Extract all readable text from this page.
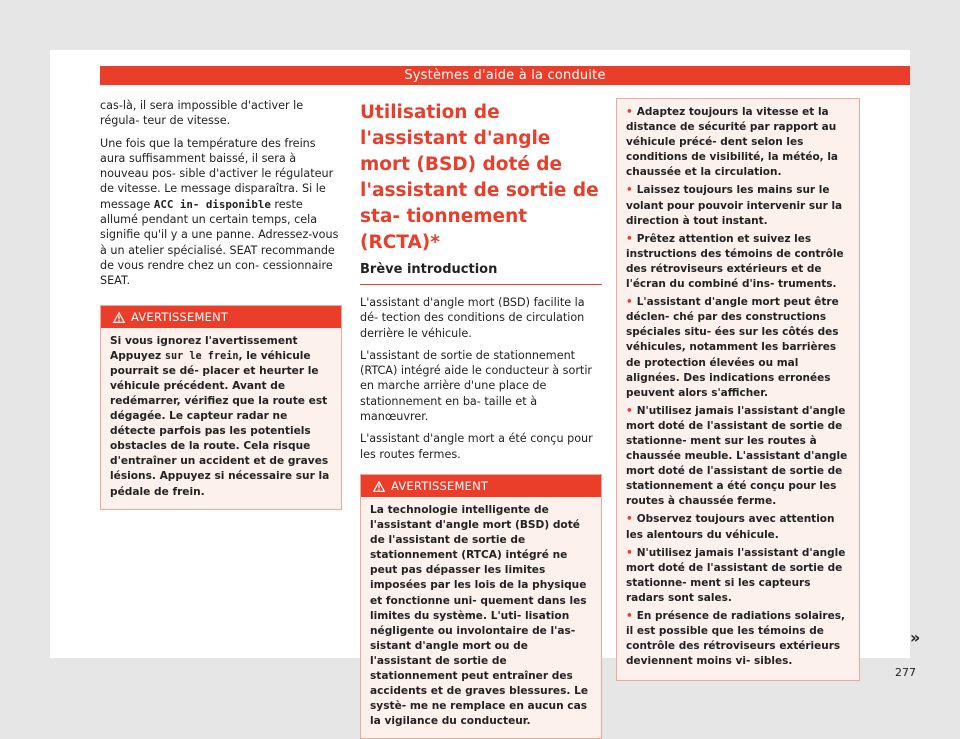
Systèmes d'aide à la conduite

cas-là, il sera impossible d'activer le régula- teur de vitesse.

Une fois que la température des freins aura suffisamment baissé, il sera à nouveau pos- sible d'activer le régulateur de vitesse. Le message disparaîtra. Si le message ACC in- disponible reste allumé pendant un certain temps, cela signifie qu'il y a une panne. Adressez-vous à un atelier spécialisé. SEAT recommande de vous rendre chez un con- cessionnaire SEAT.

AVERTISSEMENT
Si vous ignorez l'avertissement Appuyez sur le frein, le véhicule pourrait se dé- placer et heurter le véhicule précédent. Avant de redémarrer, vérifiez que la route est dégagée. Le capteur radar ne détecte parfois pas les potentiels obstacles de la route. Cela risque d'entraîner un accident et de graves lésions. Appuyez si nécessaire sur la pédale de frein.
Utilisation de l'assistant d'angle mort (BSD) doté de l'assistant de sortie de sta- tionnement (RCTA)*
Brève introduction

L'assistant d'angle mort (BSD) facilite la dé- tection des conditions de circulation derrière le véhicule.

L'assistant de sortie de stationnement (RTCA) intégré aide le conducteur à sortir en marche arrière d'une place de stationnement en ba- taille et à manœuvrer.

L'assistant d'angle mort a été conçu pour les routes fermes.

AVERTISSEMENT
La technologie intelligente de l'assistant d'angle mort (BSD) doté de l'assistant de sortie de stationnement (RTCA) intégré ne peut pas dépasser les limites imposées par les lois de la physique et fonctionne uni- quement dans les limites du système. L'uti- lisation négligente ou involontaire de l'as- sistant d'angle mort ou de l'assistant de sortie de stationnement peut entraîner des accidents et de graves blessures. Le systè- me ne remplace en aucun cas la vigilance du conducteur.
• Adaptez toujours la vitesse et la distance de sécurité par rapport au véhicule précé- dent selon les conditions de visibilité, la météo, la chaussée et la circulation.
• Laissez toujours les mains sur le volant pour pouvoir intervenir sur la direction à tout instant.
• Prêtez attention et suivez les instructions des témoins de contrôle des rétroviseurs extérieurs et de l'écran du combiné d'ins- truments.
• L'assistant d'angle mort peut être déclen- ché par des constructions spéciales situ- ées sur les côtés des véhicules, notamment les barrières de protection élevées ou mal alignées. Des indications erronées peuvent alors s'afficher.
• N'utilisez jamais l'assistant d'angle mort doté de l'assistant de sortie de stationne- ment sur les routes à chaussée meuble. L'assistant d'angle mort doté de l'assistant de sortie de stationnement a été conçu pour les routes à chaussée ferme.
• Observez toujours avec attention les alentours du véhicule.
• N'utilisez jamais l'assistant d'angle mort doté de l'assistant de sortie de stationne- ment si les capteurs radars sont sales.
• En présence de radiations solaires, il est possible que les témoins de contrôle des rétroviseurs extérieurs deviennent moins vi- sibles.
»
277
